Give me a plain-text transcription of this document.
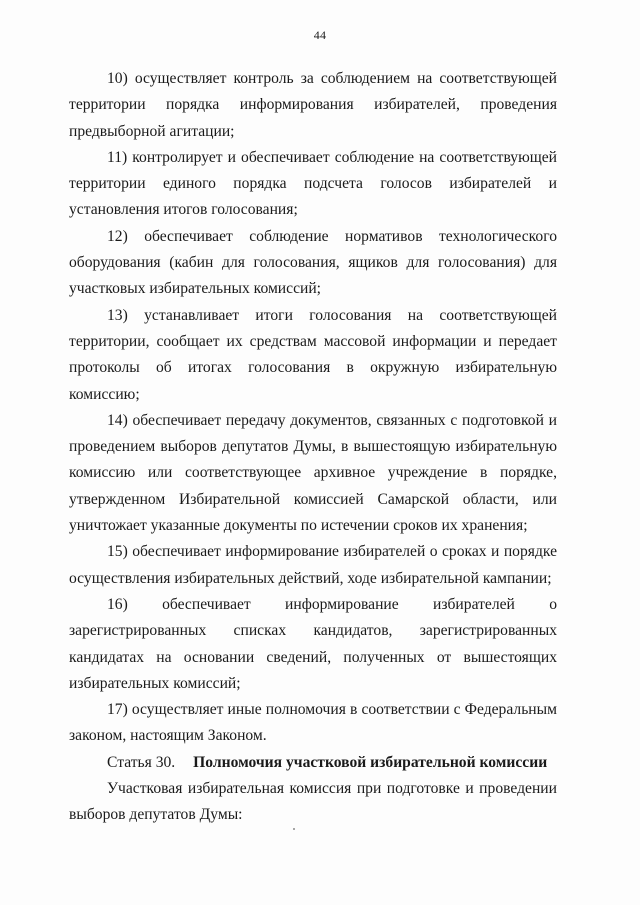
44

10) осуществляет контроль за соблюдением на соответствующей территории порядка информирования избирателей, проведения предвыборной агитации;

11) контролирует и обеспечивает соблюдение на соответствующей территории единого порядка подсчета голосов избирателей и установления итогов голосования;

12) обеспечивает соблюдение нормативов технологического оборудования (кабин для голосования, ящиков для голосования) для участковых избирательных комиссий;

13) устанавливает итоги голосования на соответствующей территории, сообщает их средствам массовой информации и передает протоколы об итогах голосования в окружную избирательную комиссию;

14) обеспечивает передачу документов, связанных с подготовкой и проведением выборов депутатов Думы, в вышестоящую избирательную комиссию или соответствующее архивное учреждение в порядке, утвержденном Избирательной комиссией Самарской области, или уничтожает указанные документы по истечении сроков их хранения;

15) обеспечивает информирование избирателей о сроках и порядке осуществления избирательных действий, ходе избирательной кампании;

16) обеспечивает информирование избирателей о зарегистрированных списках кандидатов, зарегистрированных кандидатах на основании сведений, полученных от вышестоящих избирательных комиссий;

17) осуществляет иные полномочия в соответствии с Федеральным законом, настоящим Законом.

Статья 30. Полномочия участковой избирательной комиссии

Участковая избирательная комиссия при подготовке и проведении выборов депутатов Думы:
